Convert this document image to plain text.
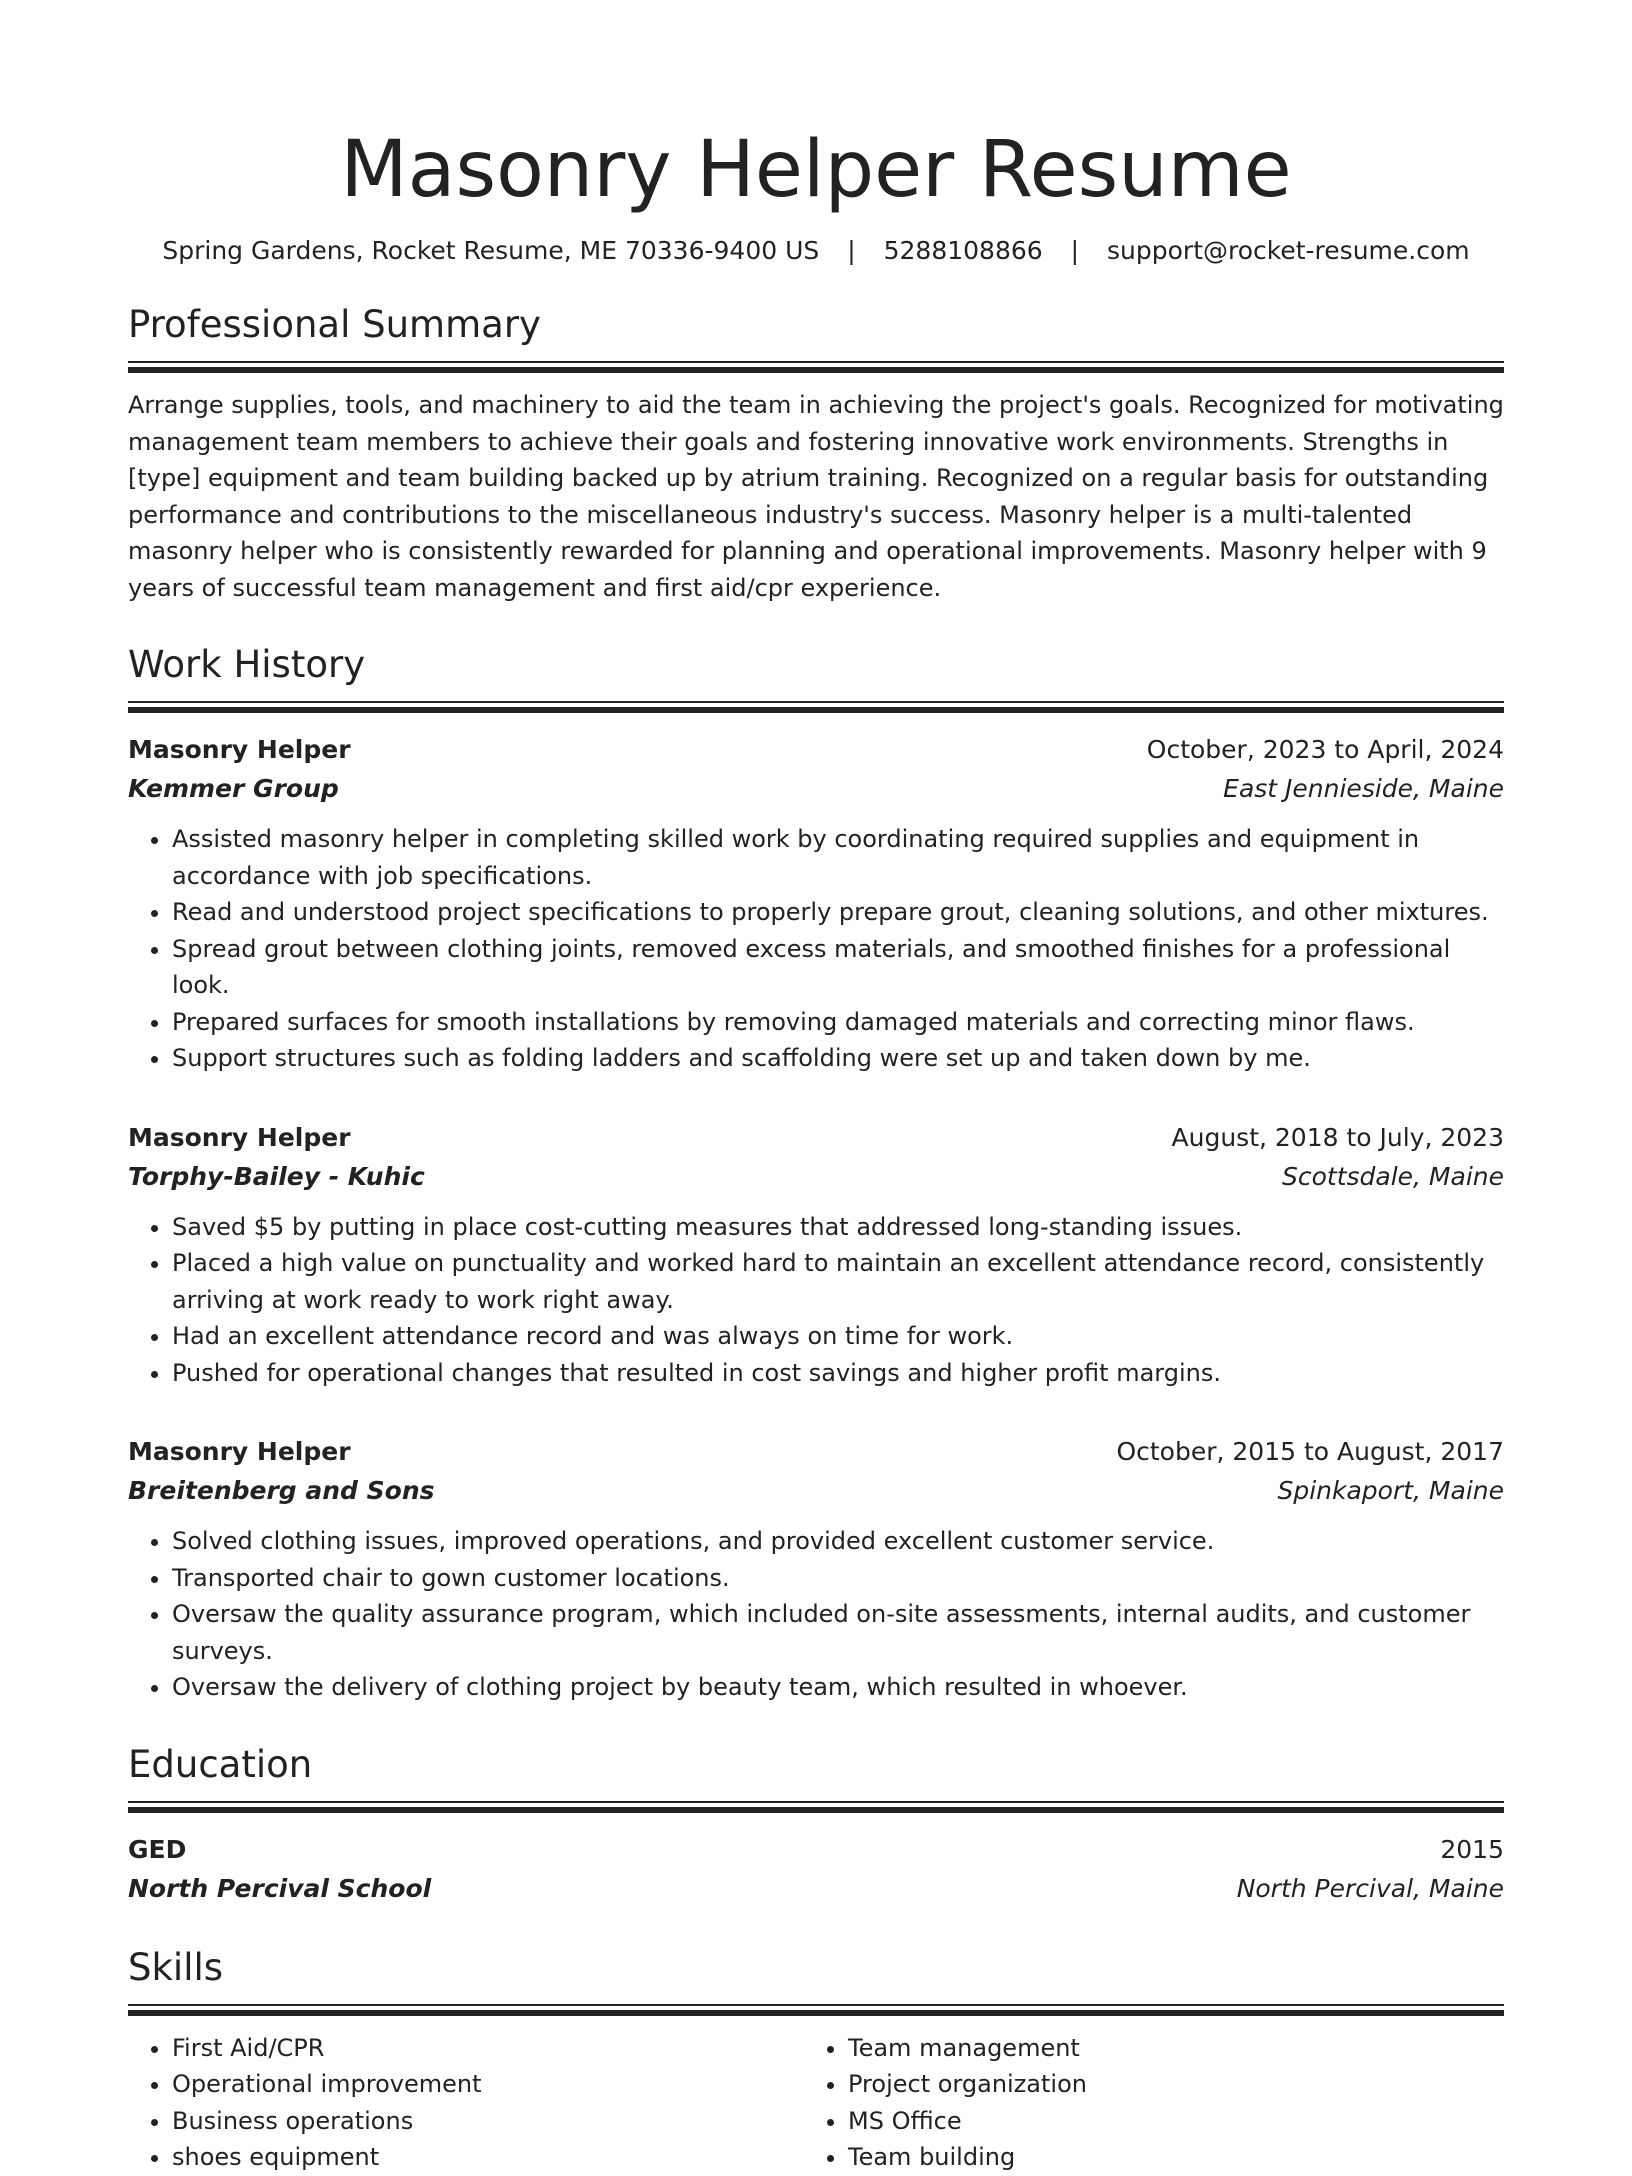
Masonry Helper Resume
Spring Gardens, Rocket Resume, ME 70336-9400 US | 5288108866 | support@rocket-resume.com
Professional Summary
Arrange supplies, tools, and machinery to aid the team in achieving the project's goals. Recognized for motivating management team members to achieve their goals and fostering innovative work environments. Strengths in [type] equipment and team building backed up by atrium training. Recognized on a regular basis for outstanding performance and contributions to the miscellaneous industry's success. Masonry helper is a multi-talented masonry helper who is consistently rewarded for planning and operational improvements. Masonry helper with 9 years of successful team management and first aid/cpr experience.
Work History
Masonry Helper	October, 2023 to April, 2024
Kemmer Group	East Jennieside, Maine
• Assisted masonry helper in completing skilled work by coordinating required supplies and equipment in accordance with job specifications.
• Read and understood project specifications to properly prepare grout, cleaning solutions, and other mixtures.
• Spread grout between clothing joints, removed excess materials, and smoothed finishes for a professional look.
• Prepared surfaces for smooth installations by removing damaged materials and correcting minor flaws.
• Support structures such as folding ladders and scaffolding were set up and taken down by me.
Masonry Helper	August, 2018 to July, 2023
Torphy-Bailey - Kuhic	Scottsdale, Maine
• Saved $5 by putting in place cost-cutting measures that addressed long-standing issues.
• Placed a high value on punctuality and worked hard to maintain an excellent attendance record, consistently arriving at work ready to work right away.
• Had an excellent attendance record and was always on time for work.
• Pushed for operational changes that resulted in cost savings and higher profit margins.
Masonry Helper	October, 2015 to August, 2017
Breitenberg and Sons	Spinkaport, Maine
• Solved clothing issues, improved operations, and provided excellent customer service.
• Transported chair to gown customer locations.
• Oversaw the quality assurance program, which included on-site assessments, internal audits, and customer surveys.
• Oversaw the delivery of clothing project by beauty team, which resulted in whoever.
Education
GED	2015
North Percival School	North Percival, Maine
Skills
• First Aid/CPR
• Operational improvement
• Business operations
• shoes equipment
• Team management
• Project organization
• MS Office
• Team building
